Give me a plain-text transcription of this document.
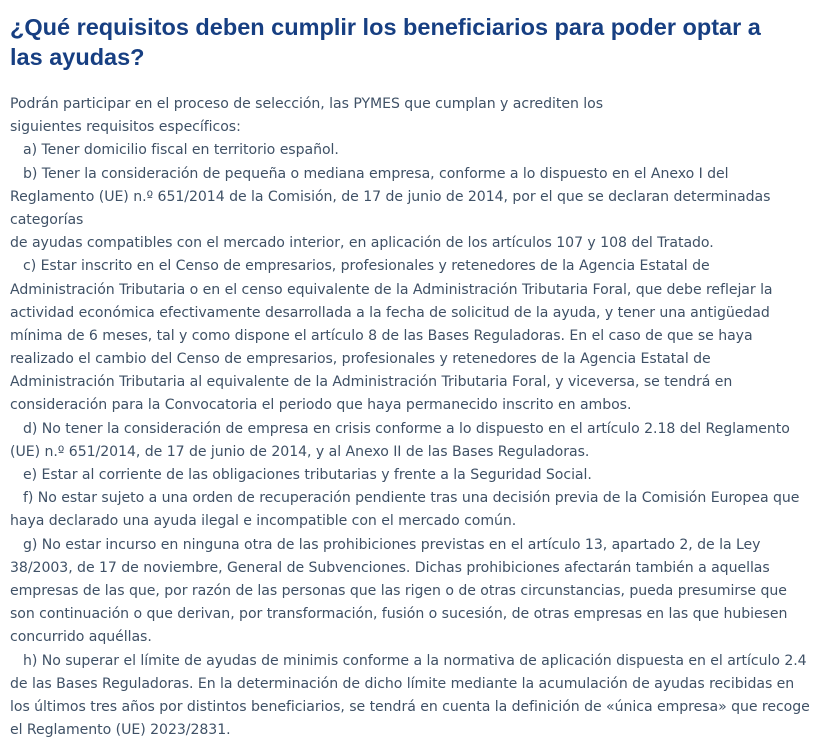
¿Qué requisitos deben cumplir los beneficiarios para poder optar a
las ayudas?
Podrán participar en el proceso de selección, las PYMES que cumplan y acrediten los
siguientes requisitos específicos:
a) Tener domicilio fiscal en territorio español.
b) Tener la consideración de pequeña o mediana empresa, conforme a lo dispuesto en el Anexo I del
Reglamento (UE) n.º 651/2014 de la Comisión, de 17 de junio de 2014, por el que se declaran determinadas
categorías
de ayudas compatibles con el mercado interior, en aplicación de los artículos 107 y 108 del Tratado.
c) Estar inscrito en el Censo de empresarios, profesionales y retenedores de la Agencia Estatal de
Administración Tributaria o en el censo equivalente de la Administración Tributaria Foral, que debe reflejar la
actividad económica efectivamente desarrollada a la fecha de solicitud de la ayuda, y tener una antigüedad
mínima de 6 meses, tal y como dispone el artículo 8 de las Bases Reguladoras. En el caso de que se haya
realizado el cambio del Censo de empresarios, profesionales y retenedores de la Agencia Estatal de
Administración Tributaria al equivalente de la Administración Tributaria Foral, y viceversa, se tendrá en
consideración para la Convocatoria el periodo que haya permanecido inscrito en ambos.
d) No tener la consideración de empresa en crisis conforme a lo dispuesto en el artículo 2.18 del Reglamento
(UE) n.º 651/2014, de 17 de junio de 2014, y al Anexo II de las Bases Reguladoras.
e) Estar al corriente de las obligaciones tributarias y frente a la Seguridad Social.
f) No estar sujeto a una orden de recuperación pendiente tras una decisión previa de la Comisión Europea que
haya declarado una ayuda ilegal e incompatible con el mercado común.
g) No estar incurso en ninguna otra de las prohibiciones previstas en el artículo 13, apartado 2, de la Ley
38/2003, de 17 de noviembre, General de Subvenciones. Dichas prohibiciones afectarán también a aquellas
empresas de las que, por razón de las personas que las rigen o de otras circunstancias, pueda presumirse que
son continuación o que derivan, por transformación, fusión o sucesión, de otras empresas en las que hubiesen
concurrido aquéllas.
h) No superar el límite de ayudas de minimis conforme a la normativa de aplicación dispuesta en el artículo 2.4
de las Bases Reguladoras. En la determinación de dicho límite mediante la acumulación de ayudas recibidas en
los últimos tres años por distintos beneficiarios, se tendrá en cuenta la definición de «única empresa» que recoge
el Reglamento (UE) 2023/2831.
